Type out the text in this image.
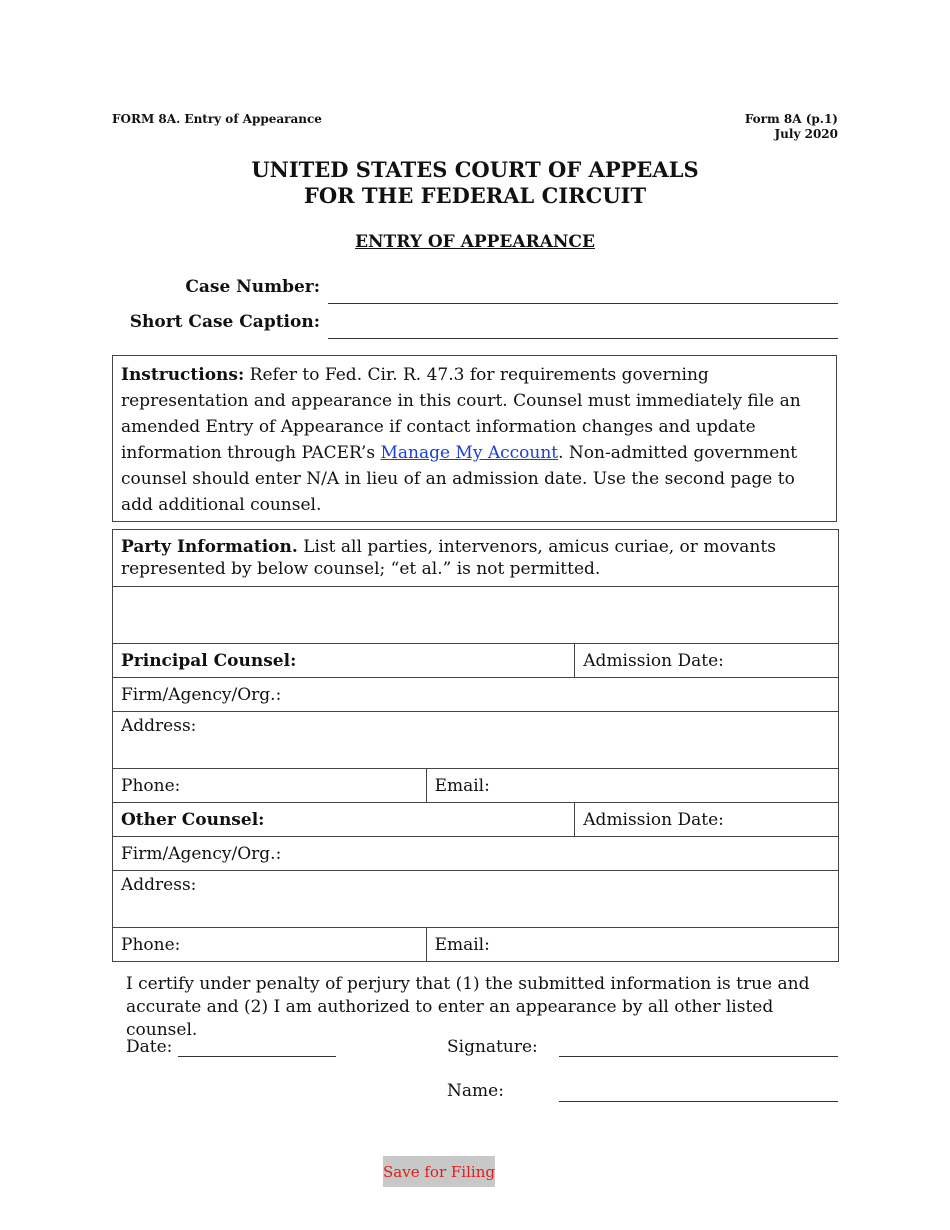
FORM 8A. Entry of Appearance	Form 8A (p.1)
July 2020
UNITED STATES COURT OF APPEALS
FOR THE FEDERAL CIRCUIT
ENTRY OF APPEARANCE
Case Number:
Short Case Caption:
Instructions: Refer to Fed. Cir. R. 47.3 for requirements governing representation and appearance in this court. Counsel must immediately file an amended Entry of Appearance if contact information changes and update information through PACER’s Manage My Account. Non-admitted government counsel should enter N/A in lieu of an admission date. Use the second page to add additional counsel.
Party Information. List all parties, intervenors, amicus curiae, or movants represented by below counsel; “et al.” is not permitted.		

Principal Counsel:		Admission Date:
Firm/Agency/Org.:		
Address:		
Phone:	Email:	
Other Counsel:		Admission Date:
Firm/Agency/Org.:		
Address:		
Phone:	Email:	
I certify under penalty of perjury that (1) the submitted information is true and accurate and (2) I am authorized to enter an appearance by all other listed counsel.
Date:	Signature:
Name:
Save for Filing
